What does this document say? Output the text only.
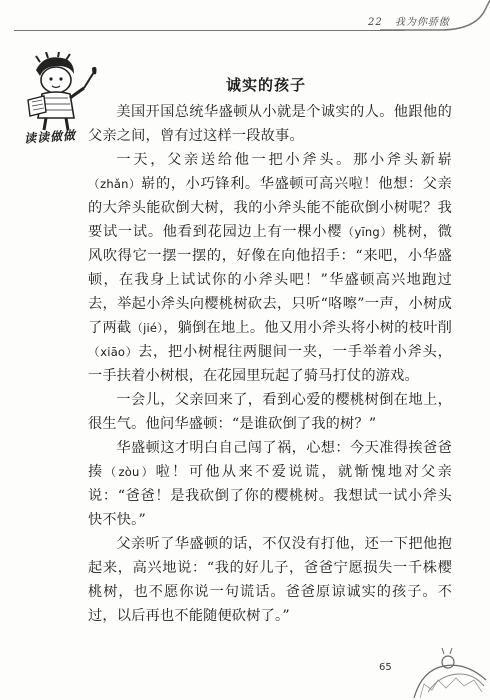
22 我为你骄傲
读读做做
诚实的孩子

美国开国总统华盛顿从小就是个诚实的人。他跟他的父亲之间，曾有过这样一段故事。

一天，父亲送给他一把小斧头。那小斧头新崭（zhǎn）崭的，小巧锋利。华盛顿可高兴啦！他想：父亲的大斧头能砍倒大树，我的小斧头能不能砍倒小树呢？我要试一试。他看到花园边上有一棵小樱（yīng）桃树，微风吹得它一摆一摆的，好像在向他招手：“来吧，小华盛顿，在我身上试试你的小斧头吧！”华盛顿高兴地跑过去，举起小斧头向樱桃树砍去，只听“咯嚓”一声，小树成了两截（jié），躺倒在地上。他又用小斧头将小树的枝叶削（xiāo）去，把小树棍往两腿间一夹，一手举着小斧头，一手扶着小树根，在花园里玩起了骑马打仗的游戏。

一会儿，父亲回来了，看到心爱的樱桃树倒在地上，很生气。他问华盛顿：“是谁砍倒了我的树？”

华盛顿这才明白自己闯了祸，心想：今天准得挨爸爸揍（zòu）啦！可他从来不爱说谎，就惭愧地对父亲说：“爸爸！是我砍倒了你的樱桃树。我想试一试小斧头快不快。”

父亲听了华盛顿的话，不仅没有打他，还一下把他抱起来，高兴地说：“我的好儿子，爸爸宁愿损失一千株樱桃树，也不愿你说一句谎话。爸爸原谅诚实的孩子。不过，以后再也不能随便砍树了。”

65
